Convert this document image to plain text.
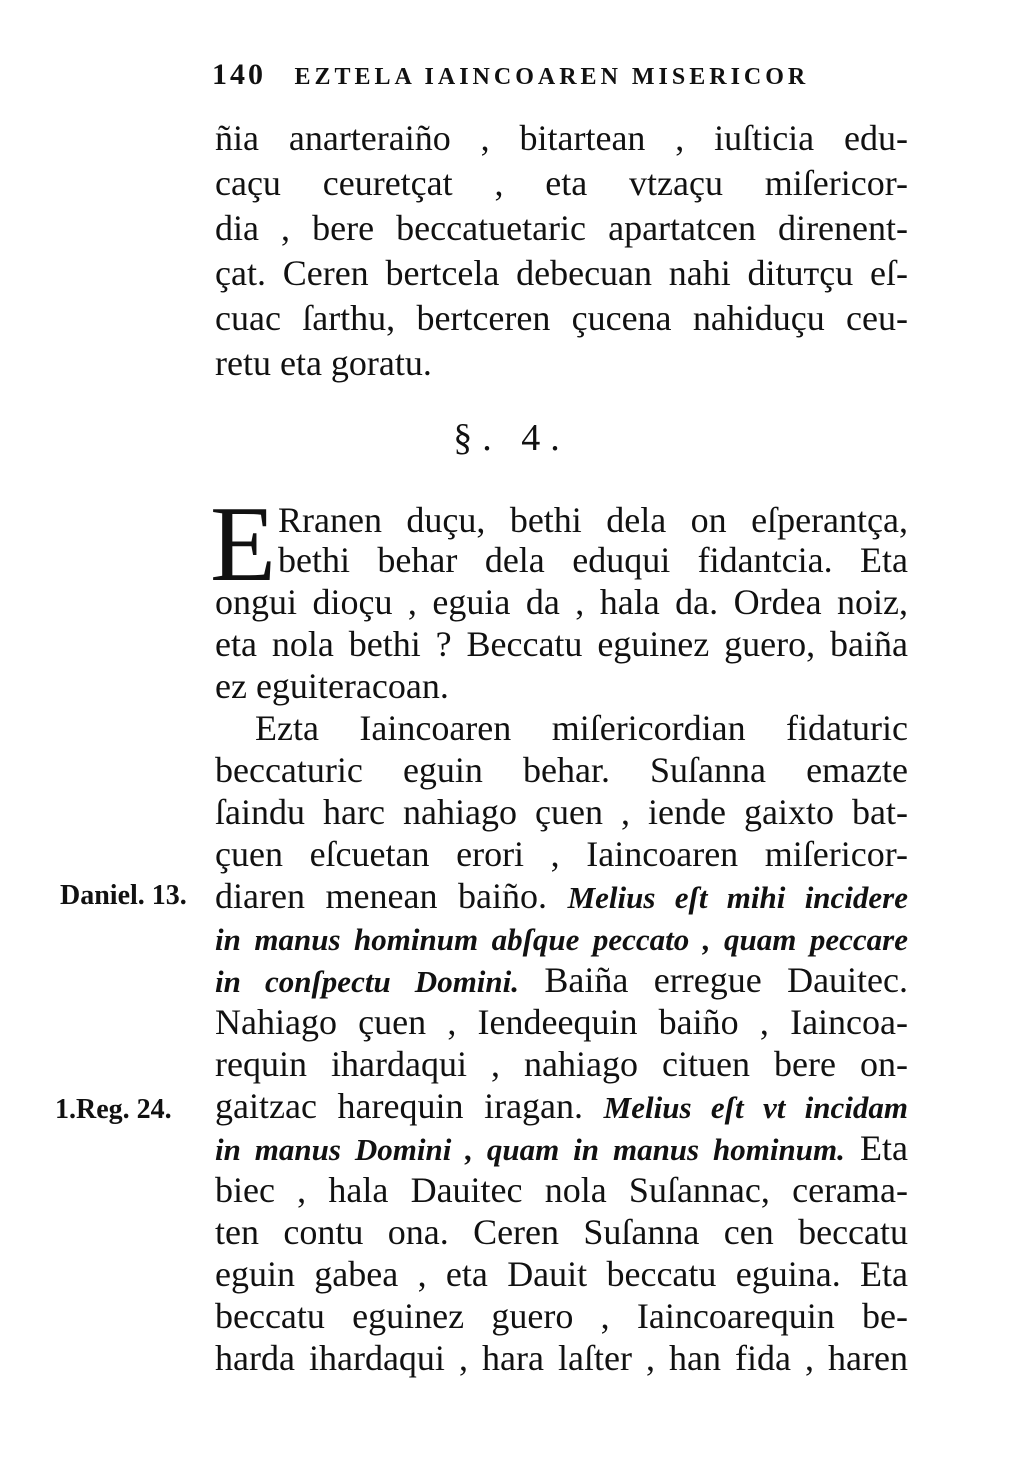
140 EZTELA IAINCOAREN MISERICOR
ñia anarteraiño , bitartean , iuſticia edu-
caçu ceuretçat , eta vtzaçu miſericor-
dia , bere beccatuetaric apartatcen direnent-
çat. Ceren bertcela debecuan nahi dituтçu eſ-
cuac ſarthu, bertceren çucena nahiduçu ceu-
retu eta goratu.
§. 4.
E Rranen duçu, bethi dela on eſperantça,
bethi behar dela eduqui fidantcia. Eta
ongui dioçu , eguia da , hala da. Ordea noiz,
eta nola bethi ? Beccatu eguinez guero, baiña
ez eguiteracoan.
Ezta Iaincoaren miſericordian fidaturic
beccaturic eguin behar. Suſanna emazte
ſaindu harc nahiago çuen , iende gaixto bat-
çuen eſcuetan erori , Iaincoaren miſericor-
diaren menean baiño. Melius eſt mihi incidere
in manus hominum abſque peccato , quam peccare
in conſpectu Domini. Baiña erregue Dauitec.
Nahiago çuen , Iendeequin baiño , Iaincoa-
requin ihardaqui , nahiago cituen bere on-
gaitzac harequin iragan. Melius eſt vt incidam
in manus Domini , quam in manus hominum. Eta
biec , hala Dauitec nola Suſannac, cerama-
ten contu ona. Ceren Suſanna cen beccatu
eguin gabea , eta Dauit beccatu eguina. Eta
beccatu eguinez guero , Iaincoarequin be-
harda ihardaqui , hara laſter , han fida , haren
Daniel. 13.
1.Reg. 24.
